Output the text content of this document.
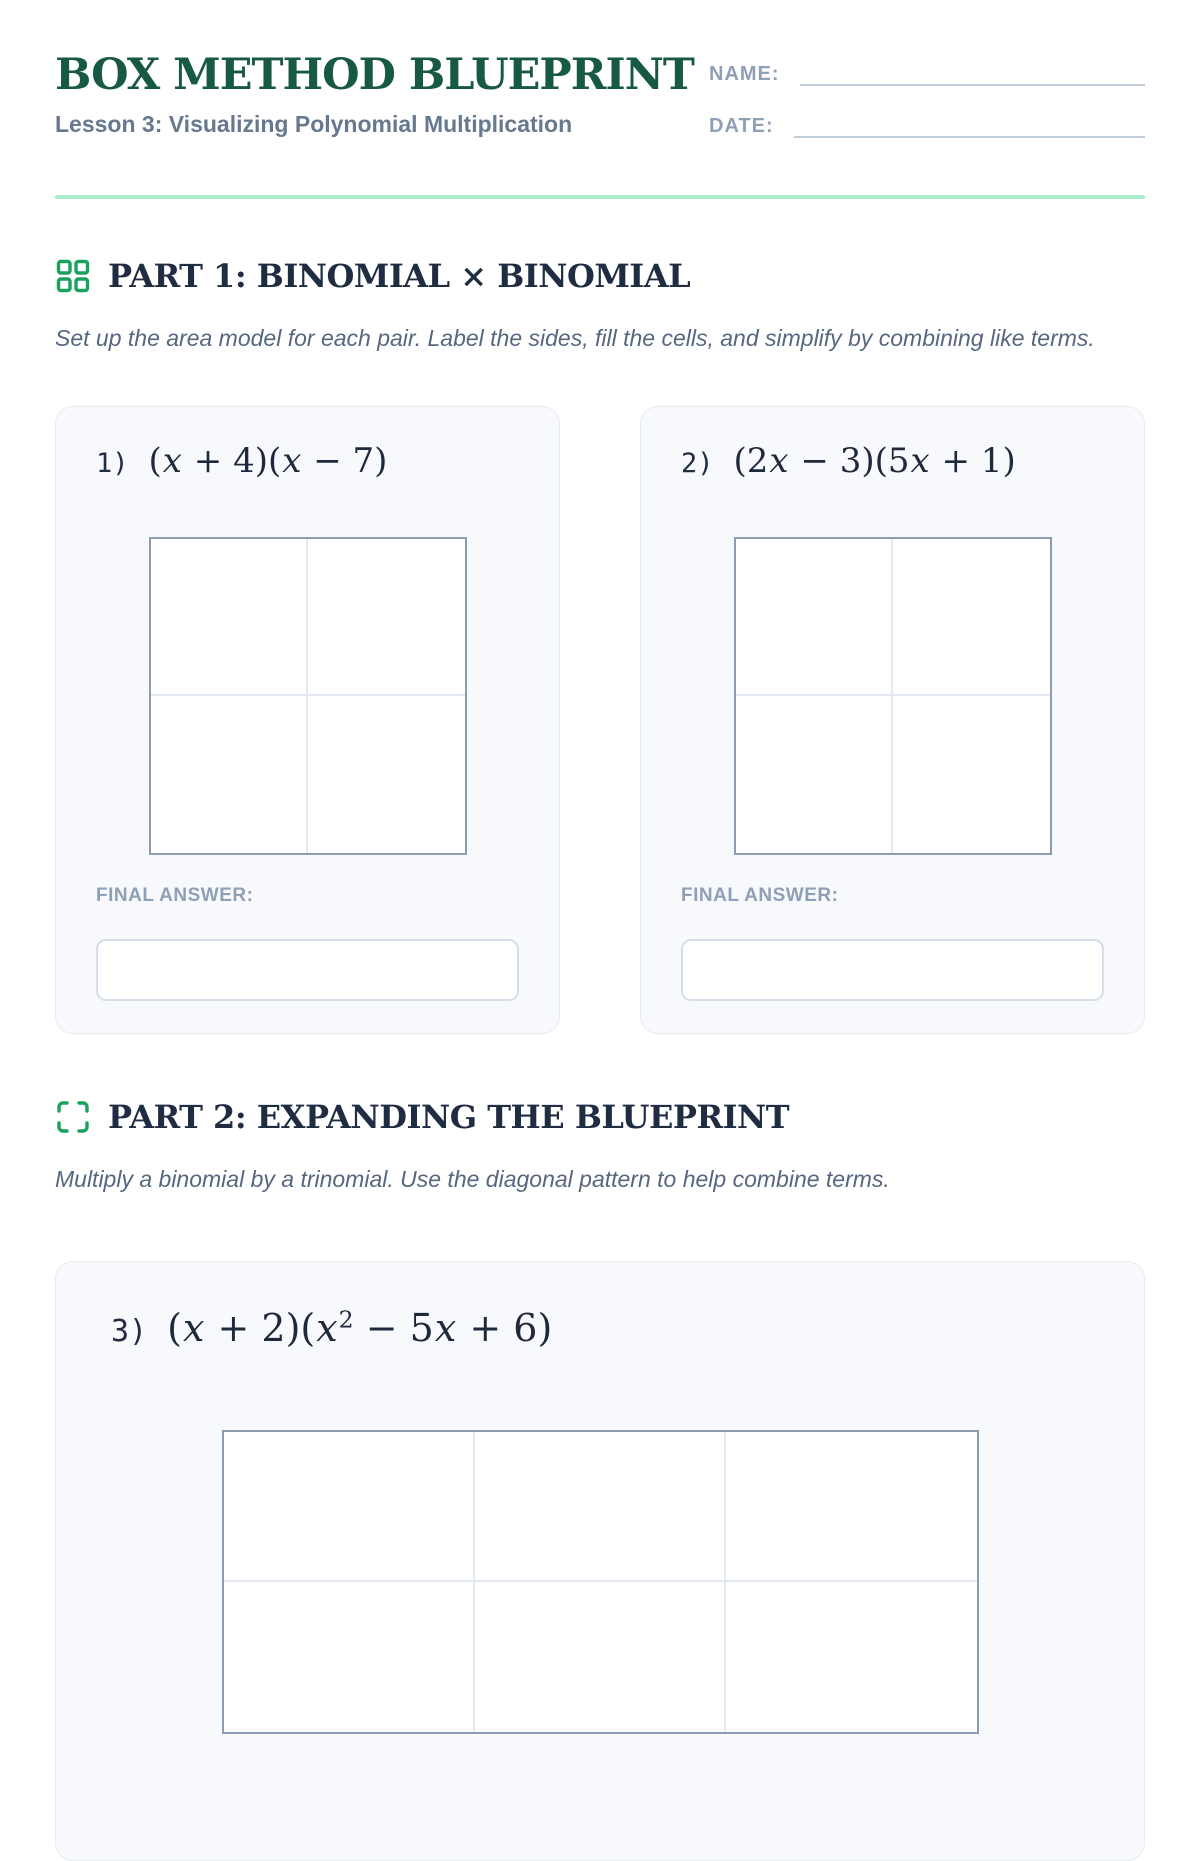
BOX METHOD BLUEPRINT
Lesson 3: Visualizing Polynomial Multiplication
NAME:
DATE:
PART 1: BINOMIAL × BINOMIAL
Set up the area model for each pair. Label the sides, fill the cells, and simplify by combining like terms.
1) (x + 4)(x − 7)
FINAL ANSWER:
2) (2x − 3)(5x + 1)
FINAL ANSWER:
PART 2: EXPANDING THE BLUEPRINT
Multiply a binomial by a trinomial. Use the diagonal pattern to help combine terms.
3) $(x + 2)(x^2 - 5x + 6)$
